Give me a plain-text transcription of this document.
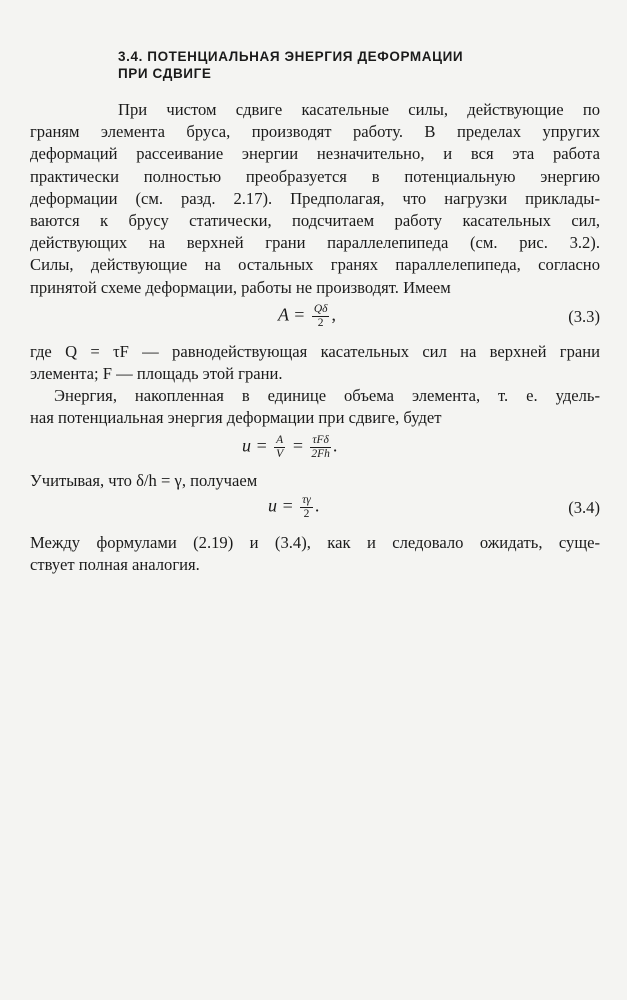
3.4. ПОТЕНЦИАЛЬНАЯ ЭНЕРГИЯ ДЕФОРМАЦИИ
ПРИ СДВИГЕ

При чистом сдвиге касательные силы, действующие по
граням элемента бруса, производят работу. В пределах упругих
деформаций рассеивание энергии незначительно, и вся эта работа
практически полностью преобразуется в потенциальную энергию
деформации (см. разд. 2.17). Предполагая, что нагрузки приклады-
ваются к брусу статически, подсчитаем работу касательных сил,
действующих на верхней грани параллелепипеда (см. рис. 3.2).
Силы, действующие на остальных гранях параллелепипеда, согласно
принятой схеме деформации, работы не производят. Имеем

$A = \frac{Q\delta}{2}$ ,	(3.3)

где Q = τF — равнодействующая касательных сил на верхней грани
элемента; F — площадь этой грани.

Энергия, накопленная в единице объема элемента, т. е. удель-
ная потенциальная энергия деформации при сдвиге, будет

$u = \frac{A}{V} = \frac{\text{τFδ}}{2Fh}$ .

Учитывая, что δ/h = γ, получаем

$u = \frac{\tau\gamma}{2}$ .	(3.4)

Между формулами (2.19) и (3.4), как и следовало ожидать, суще-
ствует полная аналогия.
